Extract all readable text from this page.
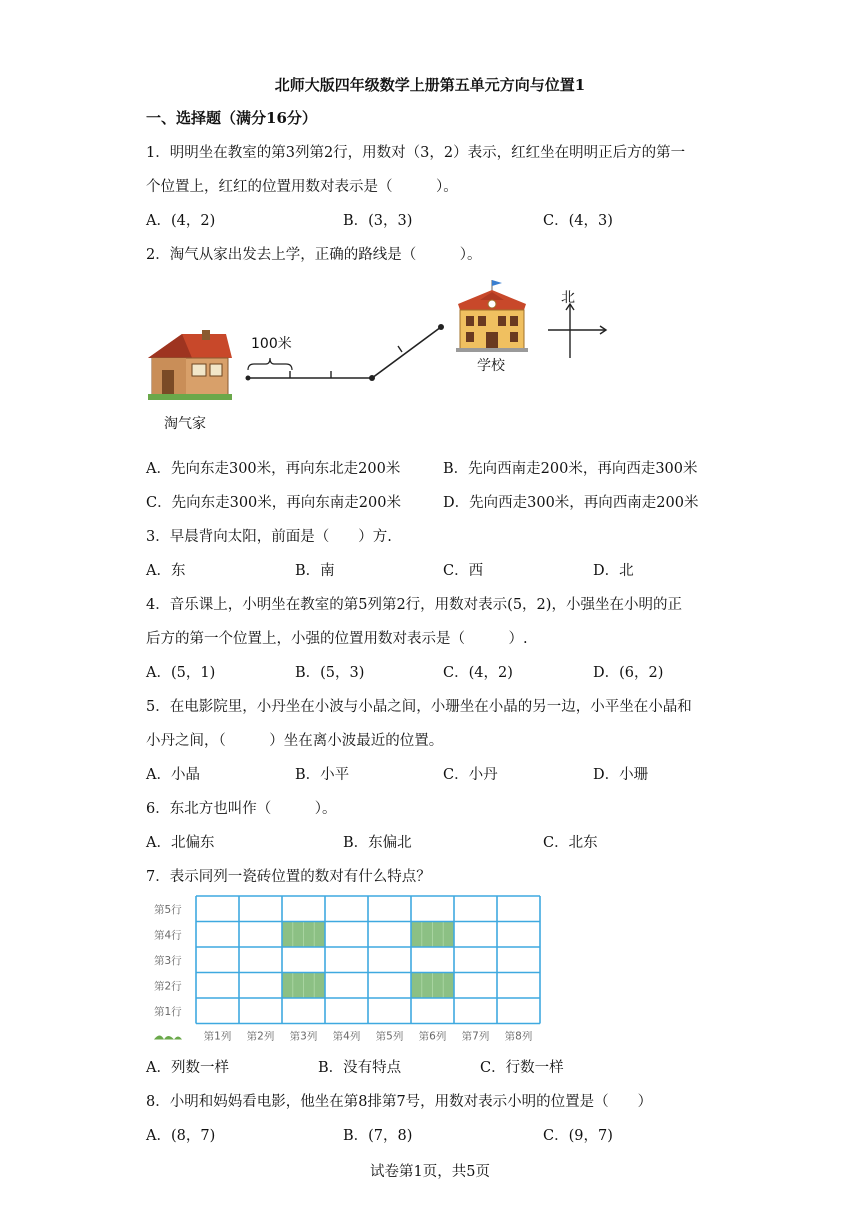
北师大版四年级数学上册第五单元方向与位置1
一、选择题（满分16分）
1．明明坐在教室的第3列第2行，用数对（3，2）表示，红红坐在明明正后方的第一
个位置上，红红的位置用数对表示是（　　　）。
A．(4，2)	B．(3，3)	C．(4，3)
2．淘气从家出发去上学，正确的路线是（　　　）。
100米
淘气家
学校
北
A．先向东走300米，再向东北走200米	B．先向西南走200米，再向西走300米
C．先向东走300米，再向东南走200米	D．先向西走300米，再向西南走200米
3．早晨背向太阳，前面是（　　）方.
A．东	B．南	C．西	D．北
4．音乐课上，小明坐在教室的第5列第2行，用数对表示(5，2)，小强坐在小明的正
后方的第一个位置上，小强的位置用数对表示是（　　　）.
A．(5，1)	B．(5，3)	C．(4，2)	D．(6，2)
5．在电影院里，小丹坐在小波与小晶之间，小珊坐在小晶的另一边，小平坐在小晶和
小丹之间，（　　　）坐在离小波最近的位置。
A．小晶	B．小平	C．小丹	D．小珊
6．东北方也叫作（　　　）。
A．北偏东	B．东偏北	C．北东
7．表示同列一瓷砖位置的数对有什么特点？
第5行
第4行
第3行
第2行
第1行
第1列 第2列 第3列 第4列 第5列 第6列 第7列 第8列
A．列数一样	B．没有特点	C．行数一样
8．小明和妈妈看电影，他坐在第8排第7号，用数对表示小明的位置是（　　）
A．(8，7)	B．(7，8)	C．(9，7)
试卷第1页，共5页
